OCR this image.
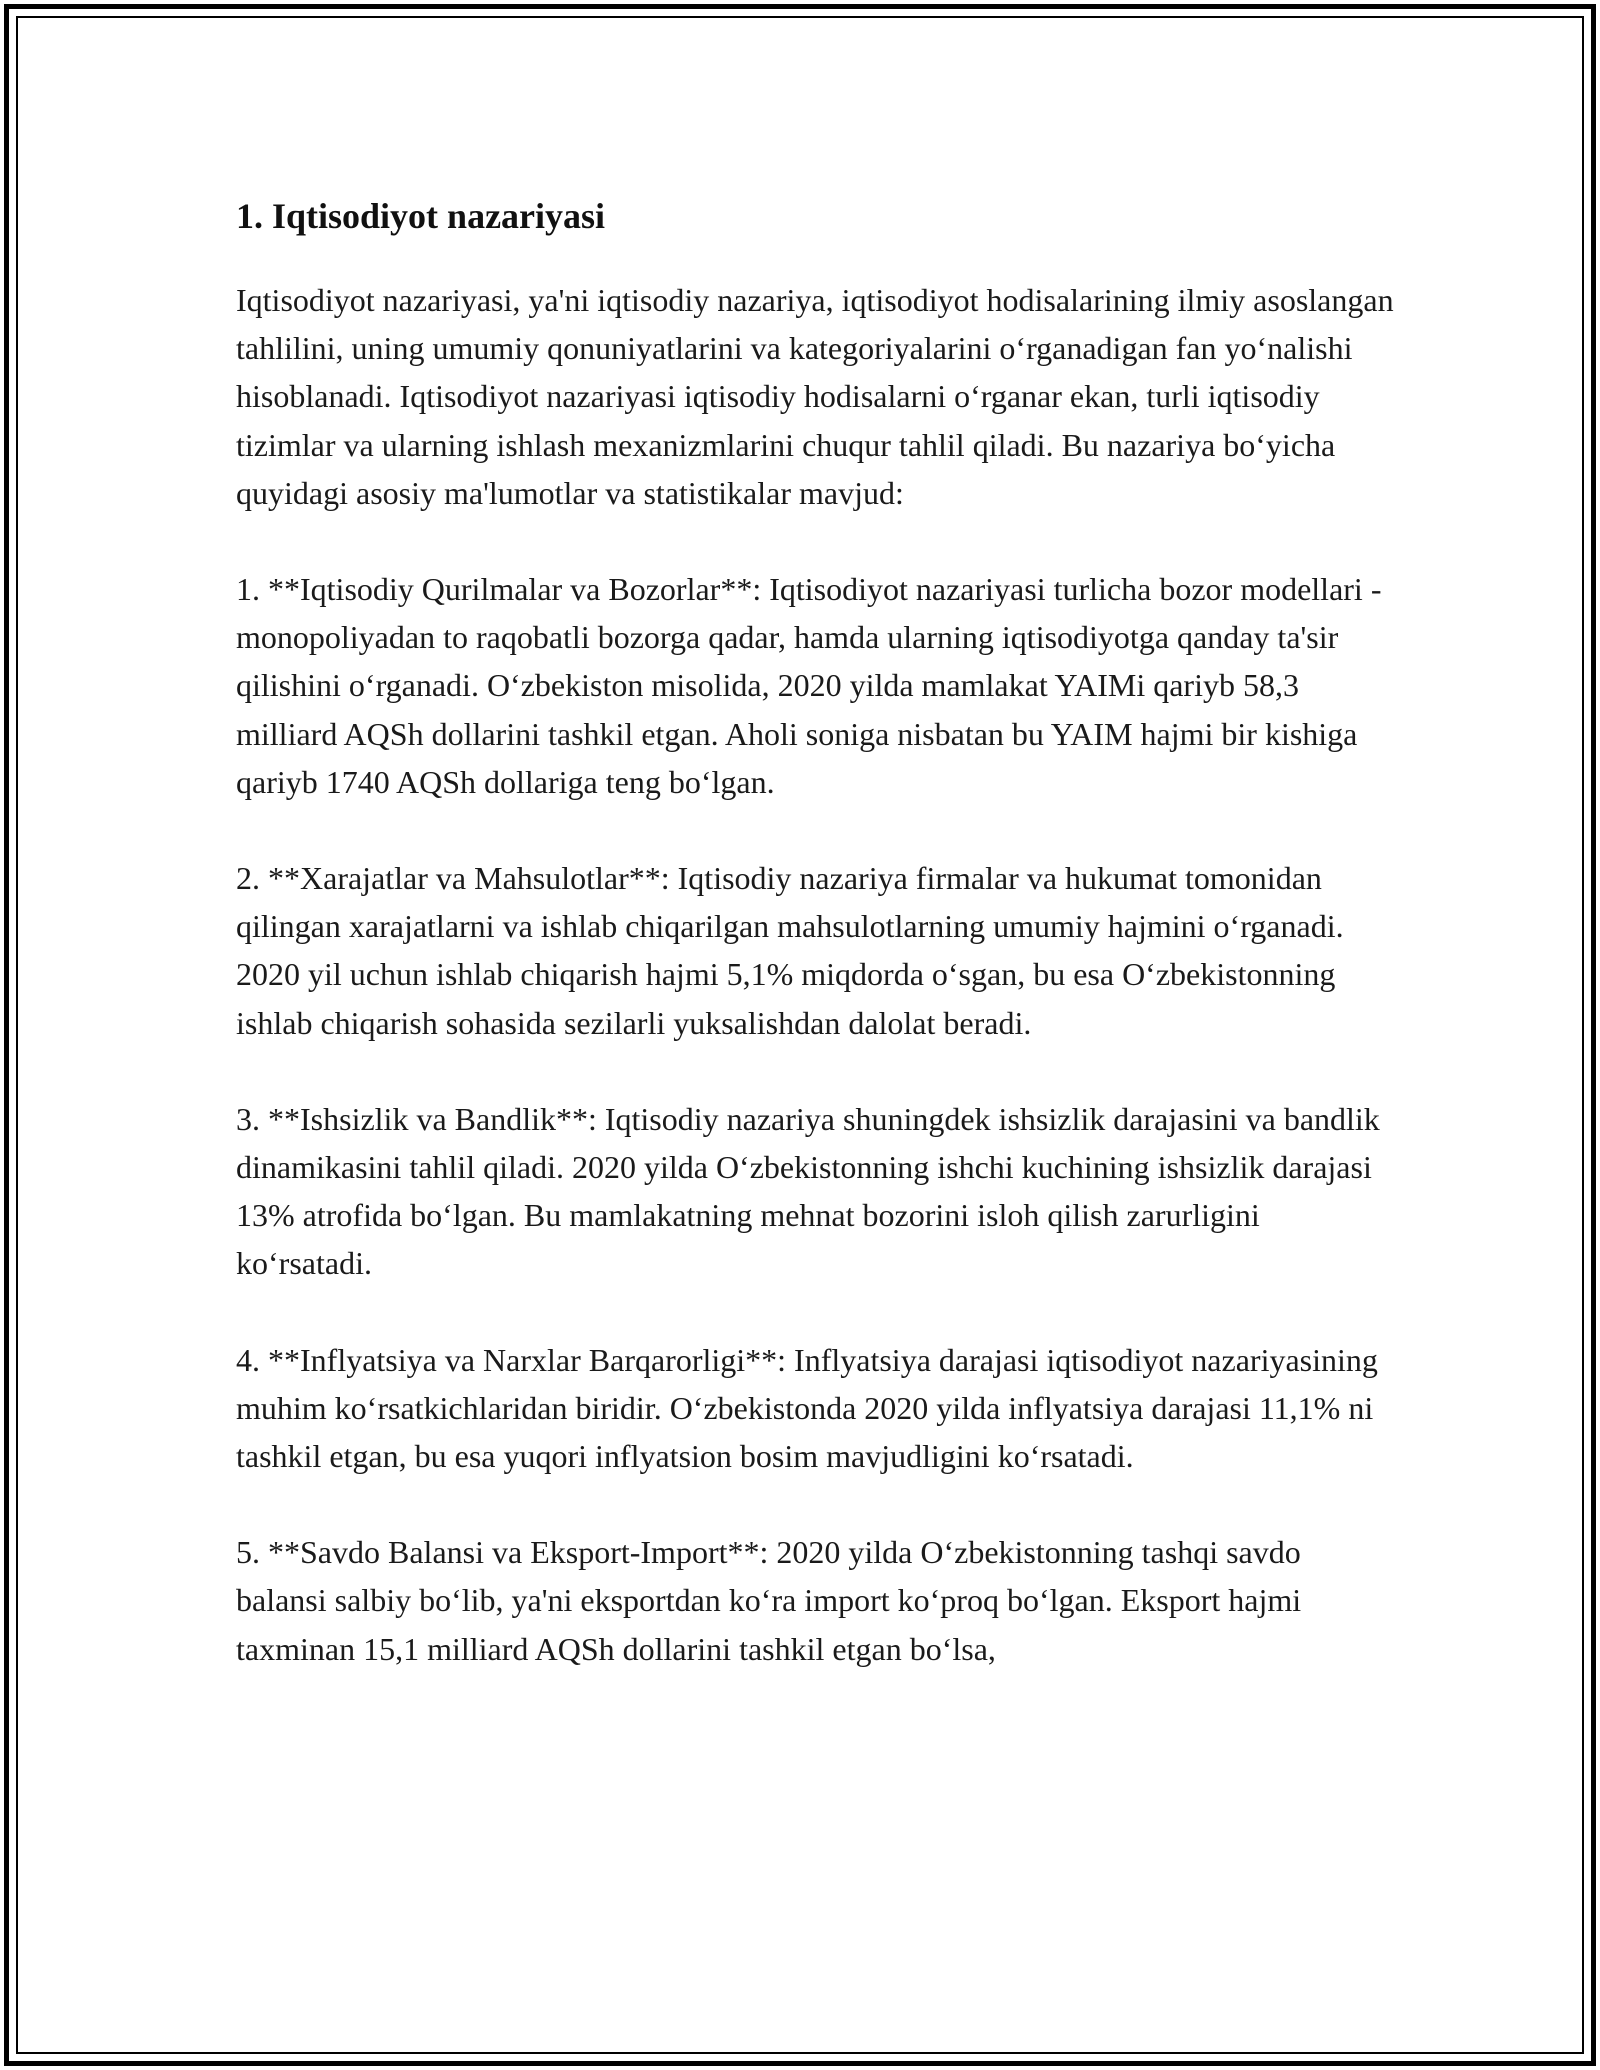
1. Iqtisodiyot nazariyasi

Iqtisodiyot nazariyasi, ya'ni iqtisodiy nazariya, iqtisodiyot hodisalarining ilmiy asoslangan tahlilini, uning umumiy qonuniyatlarini va kategoriyalarini o‘rganadigan fan yo‘nalishi hisoblanadi. Iqtisodiyot nazariyasi iqtisodiy hodisalarni o‘rganar ekan, turli iqtisodiy tizimlar va ularning ishlash mexanizmlarini chuqur tahlil qiladi. Bu nazariya bo‘yicha quyidagi asosiy ma'lumotlar va statistikalar mavjud:

1. **Iqtisodiy Qurilmalar va Bozorlar**: Iqtisodiyot nazariyasi turlicha bozor modellari - monopoliyadan to raqobatli bozorga qadar, hamda ularning iqtisodiyotga qanday ta'sir qilishini o‘rganadi. O‘zbekiston misolida, 2020 yilda mamlakat YAIMi qariyb 58,3 milliard AQSh dollarini tashkil etgan. Aholi soniga nisbatan bu YAIM hajmi bir kishiga qariyb 1740 AQSh dollariga teng bo‘lgan.

2. **Xarajatlar va Mahsulotlar**: Iqtisodiy nazariya firmalar va hukumat tomonidan qilingan xarajatlarni va ishlab chiqarilgan mahsulotlarning umumiy hajmini o‘rganadi. 2020 yil uchun ishlab chiqarish hajmi 5,1% miqdorda o‘sgan, bu esa O‘zbekistonning ishlab chiqarish sohasida sezilarli yuksalishdan dalolat beradi.

3. **Ishsizlik va Bandlik**: Iqtisodiy nazariya shuningdek ishsizlik darajasini va bandlik dinamikasini tahlil qiladi. 2020 yilda O‘zbekistonning ishchi kuchining ishsizlik darajasi 13% atrofida bo‘lgan. Bu mamlakatning mehnat bozorini isloh qilish zarurligini ko‘rsatadi.

4. **Inflyatsiya va Narxlar Barqarorligi**: Inflyatsiya darajasi iqtisodiyot nazariyasining muhim ko‘rsatkichlaridan biridir. O‘zbekistonda 2020 yilda inflyatsiya darajasi 11,1% ni tashkil etgan, bu esa yuqori inflyatsion bosim mavjudligini ko‘rsatadi.

5. **Savdo Balansi va Eksport-Import**: 2020 yilda O‘zbekistonning tashqi savdo balansi salbiy bo‘lib, ya'ni eksportdan ko‘ra import ko‘proq bo‘lgan. Eksport hajmi taxminan 15,1 milliard AQSh dollarini tashkil etgan bo‘lsa,
